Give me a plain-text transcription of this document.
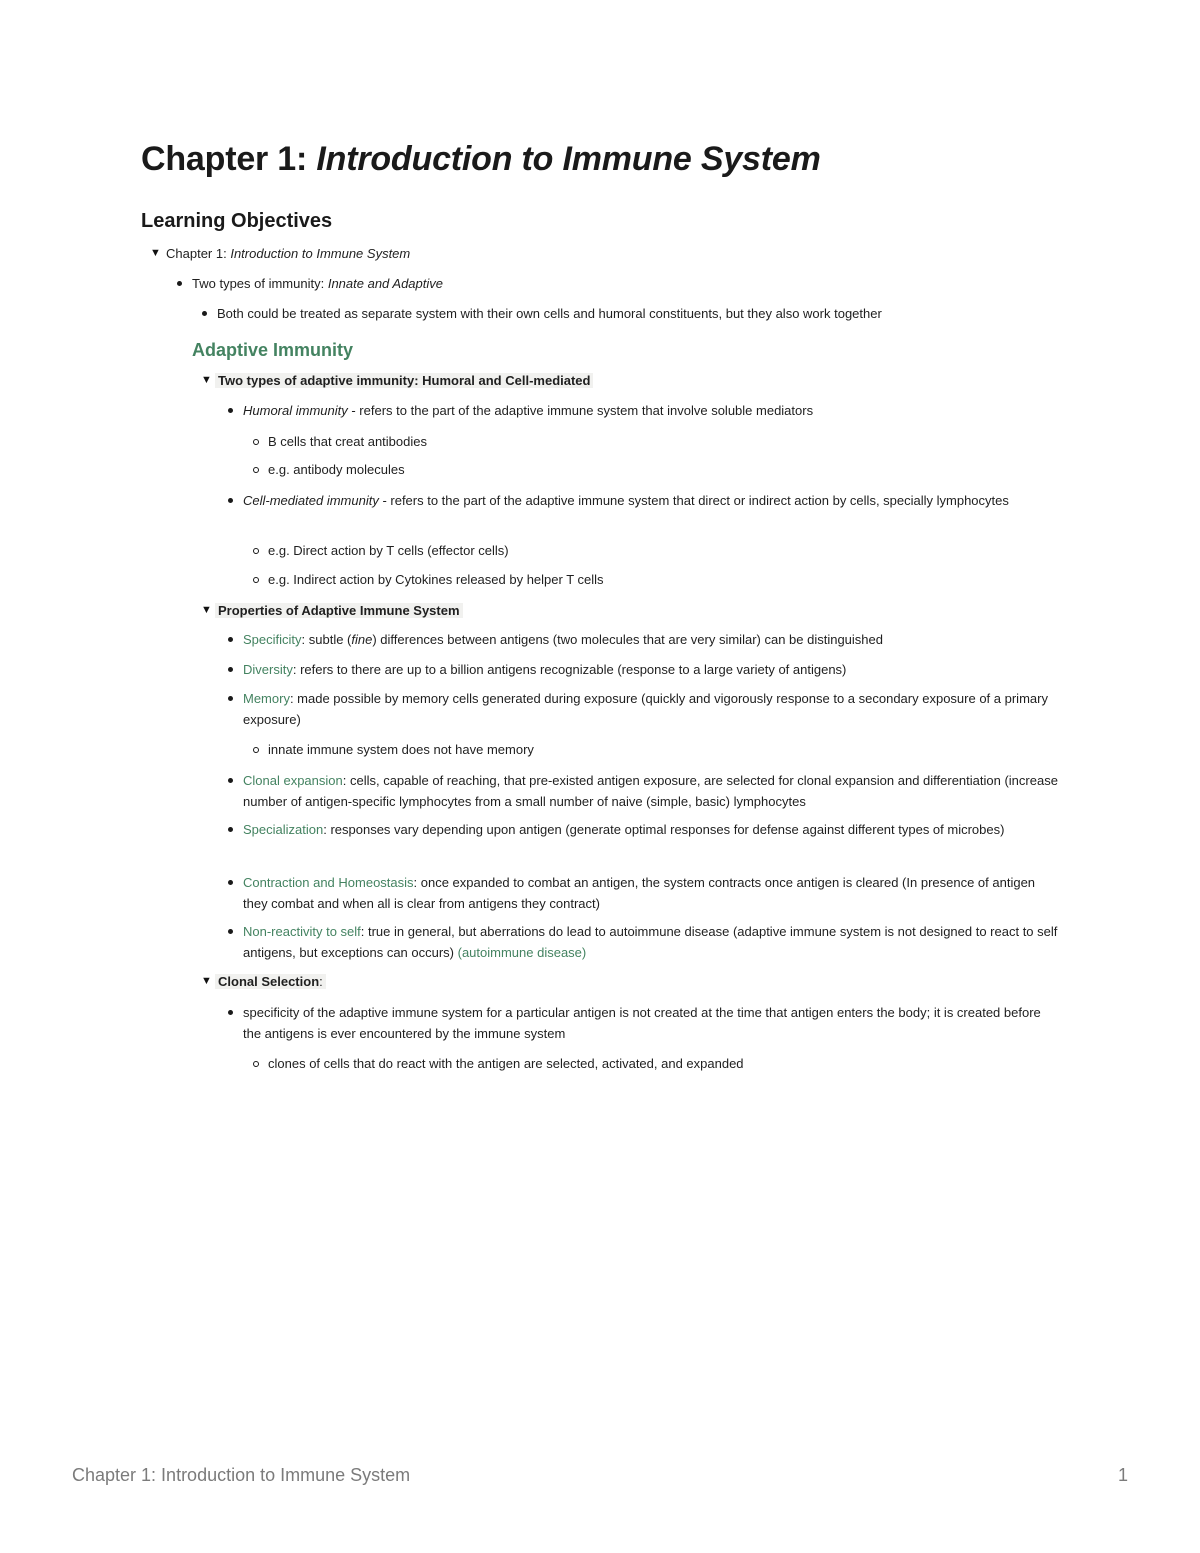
Chapter 1: Introduction to Immune System
Learning Objectives
▼ Chapter 1: Introduction to Immune System
Two types of immunity: Innate and Adaptive
Both could be treated as separate system with their own cells and humoral constituents, but they also work together
Adaptive Immunity
▼ Two types of adaptive immunity: Humoral and Cell-mediated
Humoral immunity - refers to the part of the adaptive immune system that involve soluble mediators
B cells that creat antibodies
e.g. antibody molecules
Cell-mediated immunity - refers to the part of the adaptive immune system that direct or indirect action by cells, specially lymphocytes
e.g. Direct action by T cells (effector cells)
e.g. Indirect action by Cytokines released by helper T cells
▼ Properties of Adaptive Immune System
Specificity: subtle (fine) differences between antigens (two molecules that are very similar) can be distinguished
Diversity: refers to there are up to a billion antigens recognizable (response to a large variety of antigens)
Memory: made possible by memory cells generated during exposure (quickly and vigorously response to a secondary exposure of a primary exposure)
innate immune system does not have memory
Clonal expansion: cells, capable of reaching, that pre-existed antigen exposure, are selected for clonal expansion and differentiation (increase number of antigen-specific lymphocytes from a small number of naive (simple, basic) lymphocytes
Specialization: responses vary depending upon antigen (generate optimal responses for defense against different types of microbes)
Contraction and Homeostasis: once expanded to combat an antigen, the system contracts once antigen is cleared (In presence of antigen they combat and when all is clear from antigens they contract)
Non-reactivity to self: true in general, but aberrations do lead to autoimmune disease (adaptive immune system is not designed to react to self antigens, but exceptions can occurs) (autoimmune disease)
▼ Clonal Selection:
specificity of the adaptive immune system for a particular antigen is not created at the time that antigen enters the body; it is created before the antigens is ever encountered by the immune system
clones of cells that do react with the antigen are selected, activated, and expanded
Chapter 1: Introduction to Immune System	1
